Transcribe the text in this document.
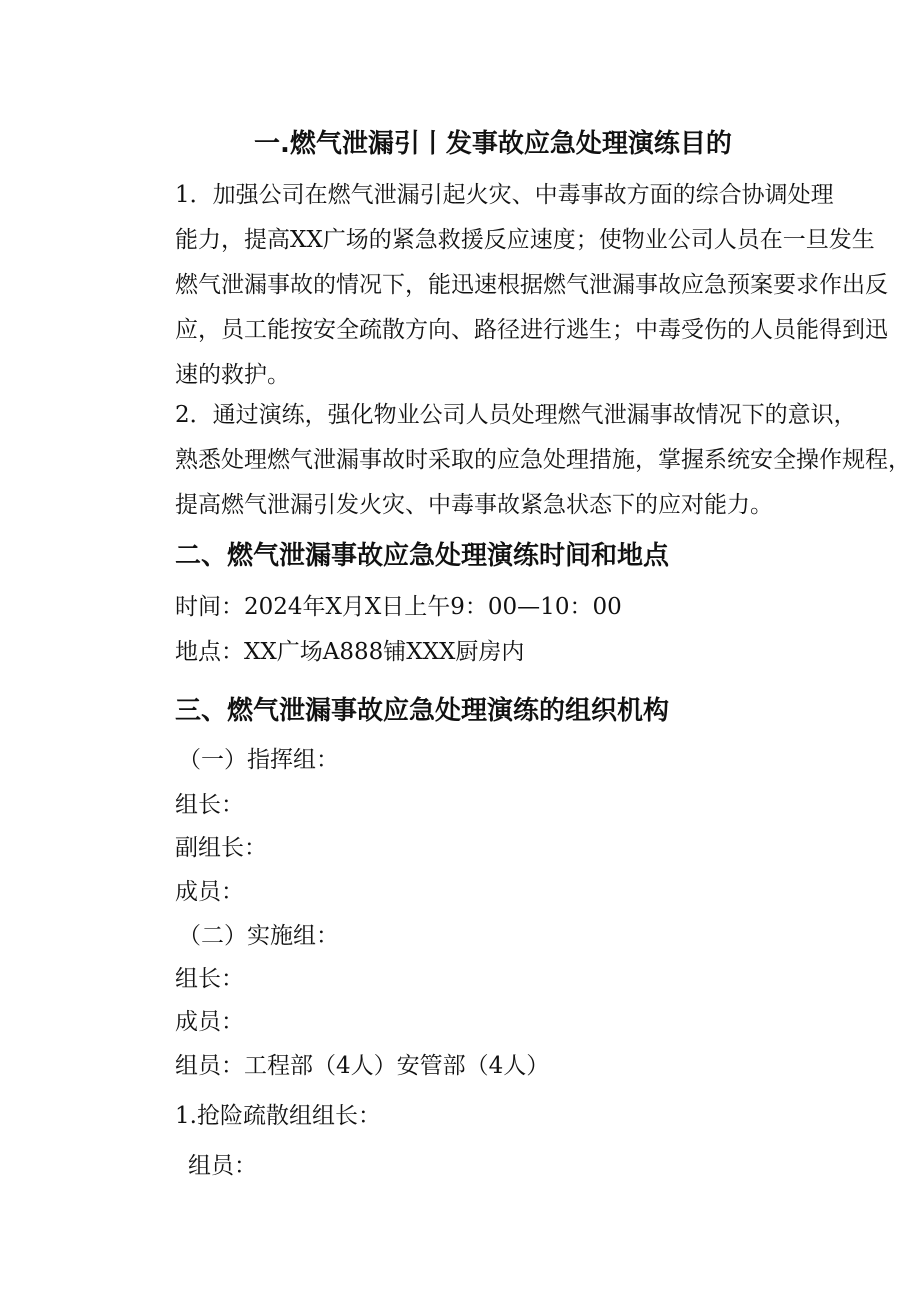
一.燃气泄漏引丨发事故应急处理演练目的
1．加强公司在燃气泄漏引起火灾、中毒事故方面的综合协调处理
能力，提高XX广场的紧急救援反应速度；使物业公司人员在一旦发生
燃气泄漏事故的情况下，能迅速根据燃气泄漏事故应急预案要求作出反
应，员工能按安全疏散方向、路径进行逃生；中毒受伤的人员能得到迅
速的救护。
2．通过演练，强化物业公司人员处理燃气泄漏事故情况下的意识，
熟悉处理燃气泄漏事故时采取的应急处理措施，掌握系统安全操作规程，
提高燃气泄漏引发火灾、中毒事故紧急状态下的应对能力。
二、燃气泄漏事故应急处理演练时间和地点
时间：2024年X月X日上午9：00—10：00
地点：XX广场A888铺XXX厨房内
三、燃气泄漏事故应急处理演练的组织机构
（一）指挥组：
组长：
副组长：
成员：
（二）实施组：
组长：
成员：
组员：工程部（4人）安管部（4人）
1.抢险疏散组组长：
组员：
